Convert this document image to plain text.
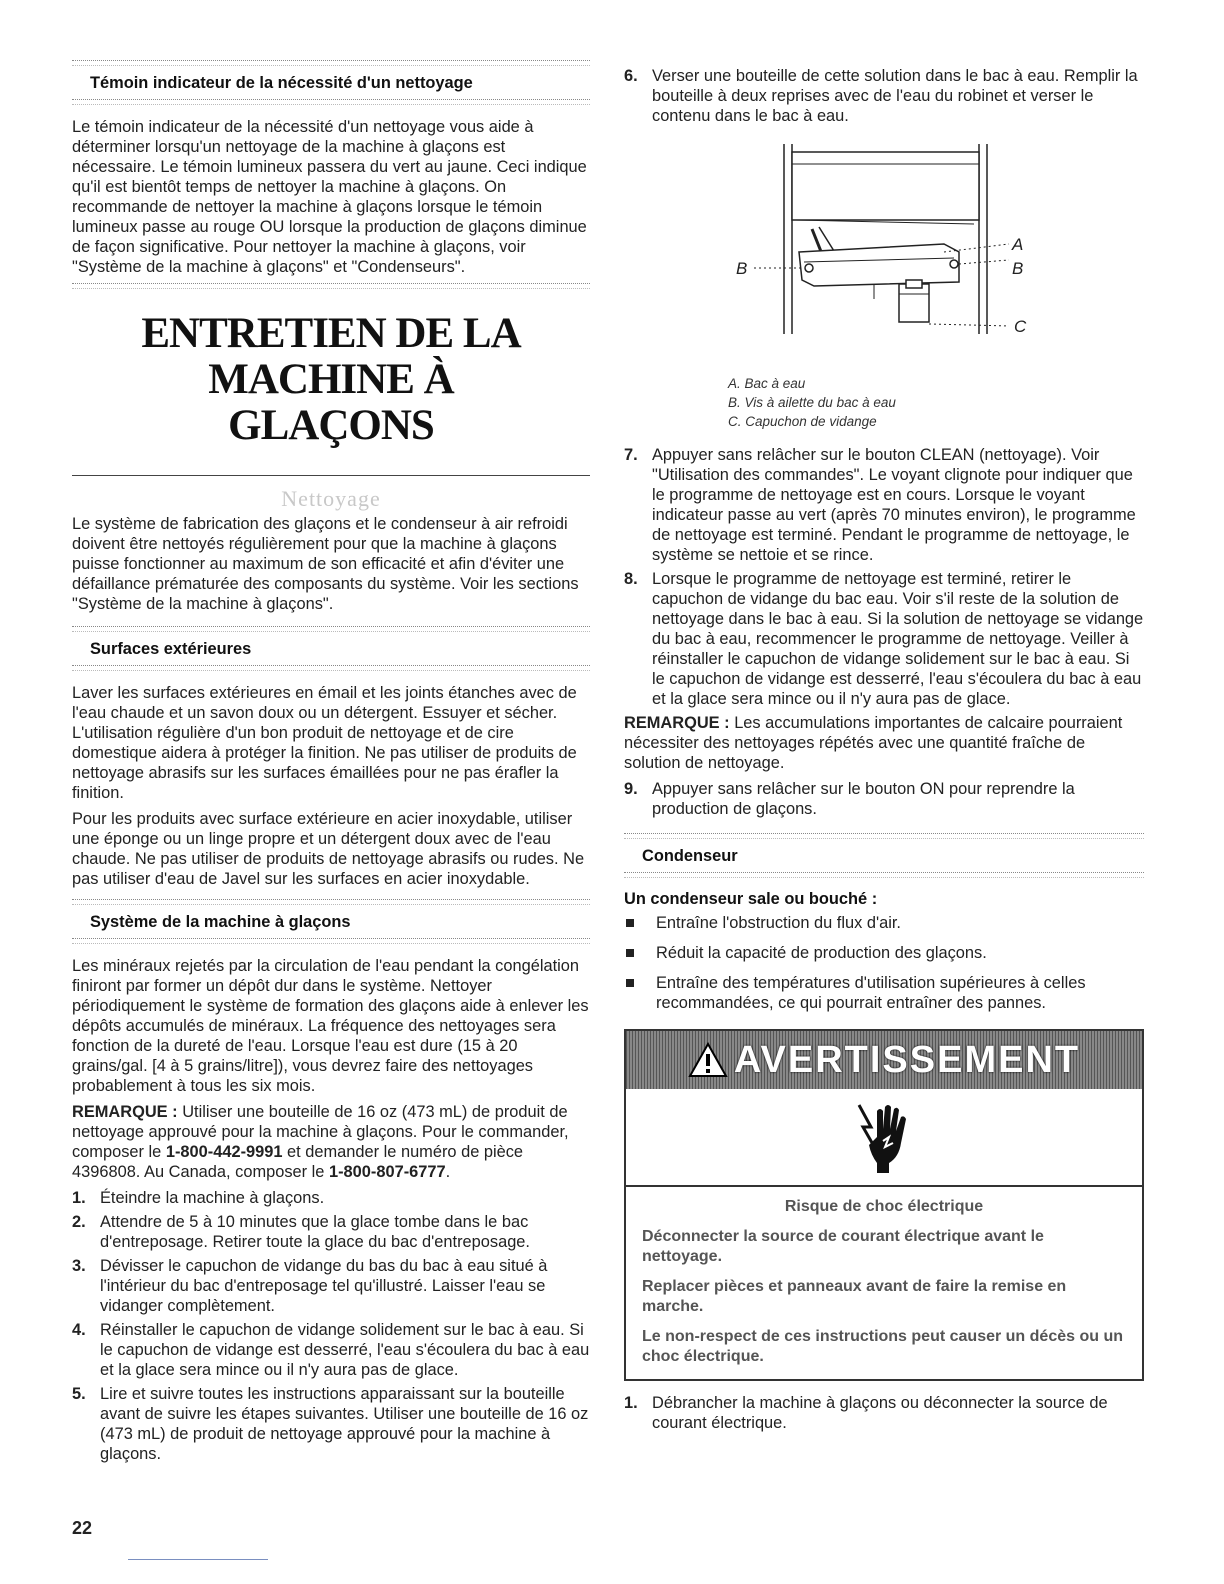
Témoin indicateur de la nécessité d'un nettoyage

Le témoin indicateur de la nécessité d'un nettoyage vous aide à déterminer lorsqu'un nettoyage de la machine à glaçons est nécessaire. Le témoin lumineux passera du vert au jaune. Ceci indique qu'il est bientôt temps de nettoyer la machine à glaçons. On recommande de nettoyer la machine à glaçons lorsque le témoin lumineux passe au rouge OU lorsque la production de glaçons diminue de façon significative. Pour nettoyer la machine à glaçons, voir "Système de la machine à glaçons" et "Condenseurs".

ENTRETIEN DE LA MACHINE À
GLAÇONS
Nettoyage

Le système de fabrication des glaçons et le condenseur à air refroidi doivent être nettoyés régulièrement pour que la machine à glaçons puisse fonctionner au maximum de son efficacité et afin d'éviter une défaillance prématurée des composants du système. Voir les sections "Système de la machine à glaçons".

Surfaces extérieures

Laver les surfaces extérieures en émail et les joints étanches avec de l'eau chaude et un savon doux ou un détergent. Essuyer et sécher. L'utilisation régulière d'un bon produit de nettoyage et de cire domestique aidera à protéger la finition. Ne pas utiliser de produits de nettoyage abrasifs sur les surfaces émaillées pour ne pas érafler la finition.

Pour les produits avec surface extérieure en acier inoxydable, utiliser une éponge ou un linge propre et un détergent doux avec de l'eau chaude. Ne pas utiliser de produits de nettoyage abrasifs ou rudes. Ne pas utiliser d'eau de Javel sur les surfaces en acier inoxydable.

Système de la machine à glaçons

Les minéraux rejetés par la circulation de l'eau pendant la congélation finiront par former un dépôt dur dans le système. Nettoyer périodiquement le système de formation des glaçons aide à enlever les dépôts accumulés de minéraux. La fréquence des nettoyages sera fonction de la dureté de l'eau. Lorsque l'eau est dure (15 à 20 grains/gal. [4 à 5 grains/litre]), vous devrez faire des nettoyages probablement à tous les six mois.

REMARQUE : Utiliser une bouteille de 16 oz (473 mL) de produit de nettoyage approuvé pour la machine à glaçons. Pour le commander, composer le 1-800-442-9991 et demander le numéro de pièce 4396808. Au Canada, composer le 1-800-807-6777.

1. Éteindre la machine à glaçons.
2. Attendre de 5 à 10 minutes que la glace tombe dans le bac d'entreposage. Retirer toute la glace du bac d'entreposage.
3. Dévisser le capuchon de vidange du bas du bac à eau situé à l'intérieur du bac d'entreposage tel qu'illustré. Laisser l'eau se vidanger complètement.
4. Réinstaller le capuchon de vidange solidement sur le bac à eau. Si le capuchon de vidange est desserré, l'eau s'écoulera du bac à eau et la glace sera mince ou il n'y aura pas de glace.
5. Lire et suivre toutes les instructions apparaissant sur la bouteille avant de suivre les étapes suivantes. Utiliser une bouteille de 16 oz (473 mL) de produit de nettoyage approuvé pour la machine à glaçons.
6. Verser une bouteille de cette solution dans le bac à eau. Remplir la bouteille à deux reprises avec de l'eau du robinet et verser le contenu dans le bac à eau.
B
A
B
C
A. Bac à eau
B. Vis à ailette du bac à eau
C. Capuchon de vidange
7. Appuyer sans relâcher sur le bouton CLEAN (nettoyage). Voir "Utilisation des commandes". Le voyant clignote pour indiquer que le programme de nettoyage est en cours. Lorsque le voyant indicateur passe au vert (après 70 minutes environ), le programme de nettoyage est terminé. Pendant le programme de nettoyage, le système se nettoie et se rince.
8. Lorsque le programme de nettoyage est terminé, retirer le capuchon de vidange du bac eau. Voir s'il reste de la solution de nettoyage dans le bac à eau. Si la solution de nettoyage se vidange du bac à eau, recommencer le programme de nettoyage. Veiller à réinstaller le capuchon de vidange solidement sur le bac à eau. Si le capuchon de vidange est desserré, l'eau s'écoulera du bac à eau et la glace sera mince ou il n'y aura pas de glace.

REMARQUE : Les accumulations importantes de calcaire pourraient nécessiter des nettoyages répétés avec une quantité fraîche de solution de nettoyage.

9. Appuyer sans relâcher sur le bouton ON pour reprendre la production de glaçons.
Condenseur
Un condenseur sale ou bouché :
Entraîne l'obstruction du flux d'air.
Réduit la capacité de production des glaçons.
Entraîne des températures d'utilisation supérieures à celles recommandées, ce qui pourrait entraîner des pannes.
AVERTISSEMENT

Risque de choc électrique

Déconnecter la source de courant électrique avant le nettoyage.

Replacer pièces et panneaux avant de faire la remise en marche.

Le non-respect de ces instructions peut causer un décès ou un choc électrique.

1. Débrancher la machine à glaçons ou déconnecter la source de courant électrique.
22
